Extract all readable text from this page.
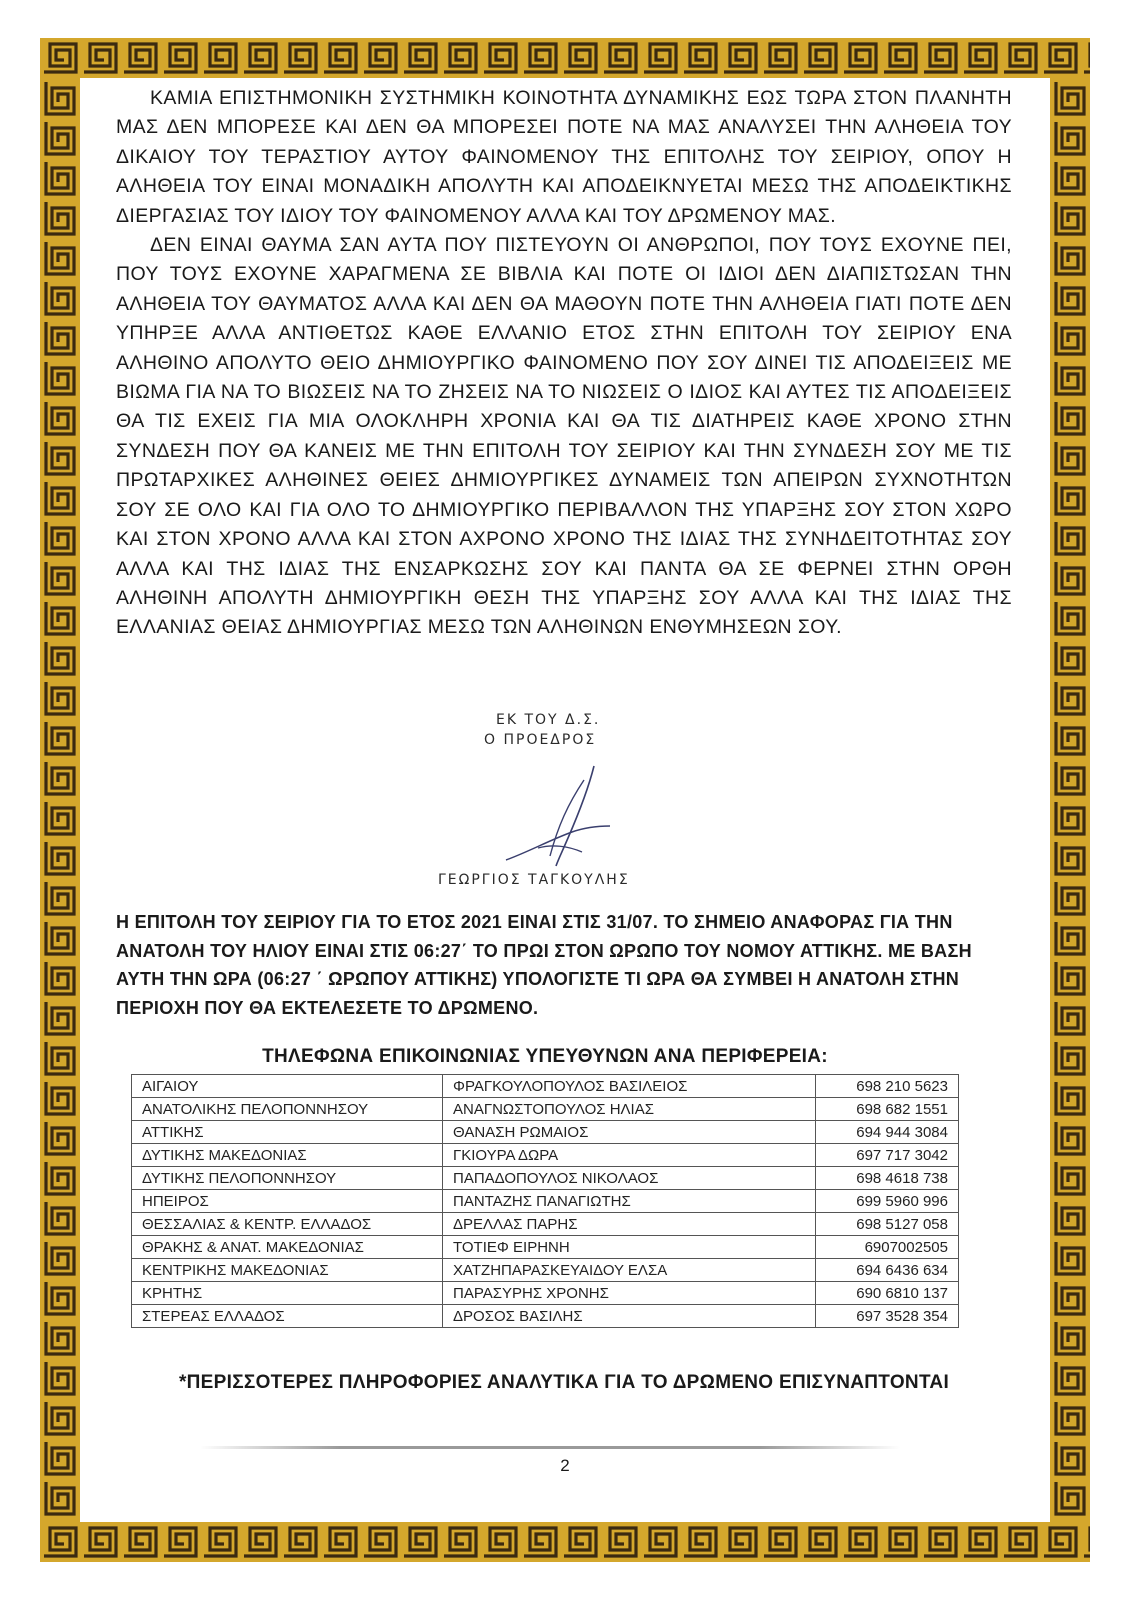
ΚΑΜΙΑ ΕΠΙΣΤΗΜΟΝΙΚΗ ΣΥΣΤΗΜΙΚΗ ΚΟΙΝΟΤΗΤΑ ΔΥΝΑΜΙΚΗΣ ΕΩΣ ΤΩΡΑ ΣΤΟΝ ΠΛΑΝΗΤΗ ΜΑΣ ΔΕΝ ΜΠΟΡΕΣΕ ΚΑΙ ΔΕΝ ΘΑ ΜΠΟΡΕΣΕΙ ΠΟΤΕ ΝΑ ΜΑΣ ΑΝΑΛΥΣΕΙ ΤΗΝ ΑΛΗΘΕΙΑ ΤΟΥ ΔΙΚΑΙΟΥ ΤΟΥ ΤΕΡΑΣΤΙΟΥ ΑΥΤΟΥ ΦΑΙΝΟΜΕΝΟΥ ΤΗΣ ΕΠΙΤΟΛΗΣ ΤΟΥ ΣΕΙΡΙΟΥ, ΟΠΟΥ Η ΑΛΗΘΕΙΑ ΤΟΥ ΕΙΝΑΙ ΜΟΝΑΔΙΚΗ ΑΠΟΛΥΤΗ ΚΑΙ ΑΠΟΔΕΙΚΝΥΕΤΑΙ ΜΕΣΩ ΤΗΣ ΑΠΟΔΕΙΚΤΙΚΗΣ ΔΙΕΡΓΑΣΙΑΣ ΤΟΥ ΙΔΙΟΥ ΤΟΥ ΦΑΙΝΟΜΕΝΟΥ ΑΛΛΑ ΚΑΙ ΤΟΥ ΔΡΩΜΕΝΟΥ ΜΑΣ.

ΔΕΝ ΕΙΝΑΙ ΘΑΥΜΑ ΣΑΝ ΑΥΤΑ ΠΟΥ ΠΙΣΤΕΥΟΥΝ ΟΙ ΑΝΘΡΩΠΟΙ, ΠΟΥ ΤΟΥΣ ΕΧΟΥΝΕ ΠΕΙ, ΠΟΥ ΤΟΥΣ ΕΧΟΥΝΕ ΧΑΡΑΓΜΕΝΑ ΣΕ ΒΙΒΛΙΑ ΚΑΙ ΠΟΤΕ ΟΙ ΙΔΙΟΙ ΔΕΝ ΔΙΑΠΙΣΤΩΣΑΝ ΤΗΝ ΑΛΗΘΕΙΑ ΤΟΥ ΘΑΥΜΑΤΟΣ ΑΛΛΑ ΚΑΙ ΔΕΝ ΘΑ ΜΑΘΟΥΝ ΠΟΤΕ ΤΗΝ ΑΛΗΘΕΙΑ ΓΙΑΤΙ ΠΟΤΕ ΔΕΝ ΥΠΗΡΞΕ ΑΛΛΑ ΑΝΤΙΘΕΤΩΣ ΚΑΘΕ ΕΛΛΑΝΙΟ ΕΤΟΣ ΣΤΗΝ ΕΠΙΤΟΛΗ ΤΟΥ ΣΕΙΡΙΟΥ ΕΝΑ ΑΛΗΘΙΝΟ ΑΠΟΛΥΤΟ ΘΕΙΟ ΔΗΜΙΟΥΡΓΙΚΟ ΦΑΙΝΟΜΕΝΟ ΠΟΥ ΣΟΥ ΔΙΝΕΙ ΤΙΣ ΑΠΟΔΕΙΞΕΙΣ ΜΕ ΒΙΩΜΑ ΓΙΑ ΝΑ ΤΟ ΒΙΩΣΕΙΣ ΝΑ ΤΟ ΖΗΣΕΙΣ ΝΑ ΤΟ ΝΙΩΣΕΙΣ Ο ΙΔΙΟΣ ΚΑΙ ΑΥΤΕΣ ΤΙΣ ΑΠΟΔΕΙΞΕΙΣ ΘΑ ΤΙΣ ΕΧΕΙΣ ΓΙΑ ΜΙΑ ΟΛΟΚΛΗΡΗ ΧΡΟΝΙΑ ΚΑΙ ΘΑ ΤΙΣ ΔΙΑΤΗΡΕΙΣ ΚΑΘΕ ΧΡΟΝΟ ΣΤΗΝ ΣΥΝΔΕΣΗ ΠΟΥ ΘΑ ΚΑΝΕΙΣ ΜΕ ΤΗΝ ΕΠΙΤΟΛΗ ΤΟΥ ΣΕΙΡΙΟΥ ΚΑΙ ΤΗΝ ΣΥΝΔΕΣΗ ΣΟΥ ΜΕ ΤΙΣ ΠΡΩΤΑΡΧΙΚΕΣ ΑΛΗΘΙΝΕΣ ΘΕΙΕΣ ΔΗΜΙΟΥΡΓΙΚΕΣ ΔΥΝΑΜΕΙΣ ΤΩΝ ΑΠΕΙΡΩΝ ΣΥΧΝΟΤΗΤΩΝ ΣΟΥ ΣΕ ΟΛΟ ΚΑΙ ΓΙΑ ΟΛΟ ΤΟ ΔΗΜΙΟΥΡΓΙΚΟ ΠΕΡΙΒΑΛΛΟΝ ΤΗΣ ΥΠΑΡΞΗΣ ΣΟΥ ΣΤΟΝ ΧΩΡΟ ΚΑΙ ΣΤΟΝ ΧΡΟΝΟ ΑΛΛΑ ΚΑΙ ΣΤΟΝ ΑΧΡΟΝΟ ΧΡΟΝΟ ΤΗΣ ΙΔΙΑΣ ΤΗΣ ΣΥΝΗΔΕΙΤΟΤΗΤΑΣ ΣΟΥ ΑΛΛΑ ΚΑΙ ΤΗΣ ΙΔΙΑΣ ΤΗΣ ΕΝΣΑΡΚΩΣΗΣ ΣΟΥ ΚΑΙ ΠΑΝΤΑ ΘΑ ΣΕ ΦΕΡΝΕΙ ΣΤΗΝ ΟΡΘΗ ΑΛΗΘΙΝΗ ΑΠΟΛΥΤΗ ΔΗΜΙΟΥΡΓΙΚΗ ΘΕΣΗ ΤΗΣ ΥΠΑΡΞΗΣ ΣΟΥ ΑΛΛΑ ΚΑΙ ΤΗΣ ΙΔΙΑΣ ΤΗΣ ΕΛΛΑΝΙΑΣ ΘΕΙΑΣ ΔΗΜΙΟΥΡΓΙΑΣ ΜΕΣΩ ΤΩΝ ΑΛΗΘΙΝΩΝ ΕΝΘΥΜΗΣΕΩΝ ΣΟΥ.

ΕΚ ΤΟΥ Δ.Σ.
Ο ΠΡΟΕΔΡΟΣ
ΓΕΩΡΓΙΟΣ ΤΑΓΚΟΥΛΗΣ

Η ΕΠΙΤΟΛΗ ΤΟΥ ΣΕΙΡΙΟΥ ΓΙΑ ΤΟ ΕΤΟΣ 2021 ΕΙΝΑΙ ΣΤΙΣ 31/07. ΤΟ ΣΗΜΕΙΟ ΑΝΑΦΟΡΑΣ ΓΙΑ ΤΗΝ ΑΝΑΤΟΛΗ ΤΟΥ ΗΛΙΟΥ ΕΙΝΑΙ ΣΤΙΣ 06:27΄ ΤΟ ΠΡΩΙ ΣΤΟΝ ΩΡΩΠΟ ΤΟΥ ΝΟΜΟΥ ΑΤΤΙΚΗΣ. ΜΕ ΒΑΣΗ ΑΥΤΗ ΤΗΝ ΩΡΑ (06:27 ΄ ΩΡΩΠΟΥ ΑΤΤΙΚΗΣ) ΥΠΟΛΟΓΙΣΤΕ ΤΙ ΩΡΑ ΘΑ ΣΥΜΒΕΙ Η ΑΝΑΤΟΛΗ ΣΤΗΝ ΠΕΡΙΟΧΗ ΠΟΥ ΘΑ ΕΚΤΕΛΕΣΕΤΕ ΤΟ ΔΡΩΜΕΝΟ.

ΤΗΛΕΦΩΝΑ ΕΠΙΚΟΙΝΩΝΙΑΣ ΥΠΕΥΘΥΝΩΝ ΑΝΑ ΠΕΡΙΦΕΡΕΙΑ:
ΑΙΓΑΙΟΥ	ΦΡΑΓΚΟΥΛΟΠΟΥΛΟΣ ΒΑΣΙΛΕΙΟΣ	698 210 5623
ΑΝΑΤΟΛΙΚΗΣ ΠΕΛΟΠΟΝΝΗΣΟΥ	ΑΝΑΓΝΩΣΤΟΠΟΥΛΟΣ ΗΛΙΑΣ	698 682 1551
ΑΤΤΙΚΗΣ	ΘΑΝΑΣΗ ΡΩΜΑΙΟΣ	694 944 3084
ΔΥΤΙΚΗΣ ΜΑΚΕΔΟΝΙΑΣ	ΓΚΙΟΥΡΑ ΔΩΡΑ	697 717 3042
ΔΥΤΙΚΗΣ ΠΕΛΟΠΟΝΝΗΣΟΥ	ΠΑΠΑΔΟΠΟΥΛΟΣ ΝΙΚΟΛΑΟΣ	698 4618 738
ΗΠΕΙΡΟΣ	ΠΑΝΤΑΖΗΣ ΠΑΝΑΓΙΩΤΗΣ	699 5960 996
ΘΕΣΣΑΛΙΑΣ & ΚΕΝΤΡ. ΕΛΛΑΔΟΣ	ΔΡΕΛΛΑΣ ΠΑΡΗΣ	698 5127 058
ΘΡΑΚΗΣ & ΑΝΑΤ. ΜΑΚΕΔΟΝΙΑΣ	ΤΟΤΙΕΦ ΕΙΡΗΝΗ	6907002505
ΚΕΝΤΡΙΚΗΣ ΜΑΚΕΔΟΝΙΑΣ	ΧΑΤΖΗΠΑΡΑΣΚΕΥΑΙΔΟΥ ΕΛΣΑ	694 6436 634
ΚΡΗΤΗΣ	ΠΑΡΑΣΥΡΗΣ ΧΡΟΝΗΣ	690 6810 137
ΣΤΕΡΕΑΣ ΕΛΛΑΔΟΣ	ΔΡΟΣΟΣ ΒΑΣΙΛΗΣ	697 3528 354
*ΠΕΡΙΣΣΟΤΕΡΕΣ ΠΛΗΡΟΦΟΡΙΕΣ ΑΝΑΛΥΤΙΚΑ ΓΙΑ ΤΟ ΔΡΩΜΕΝΟ ΕΠΙΣΥΝΑΠΤΟΝΤΑΙ
2
